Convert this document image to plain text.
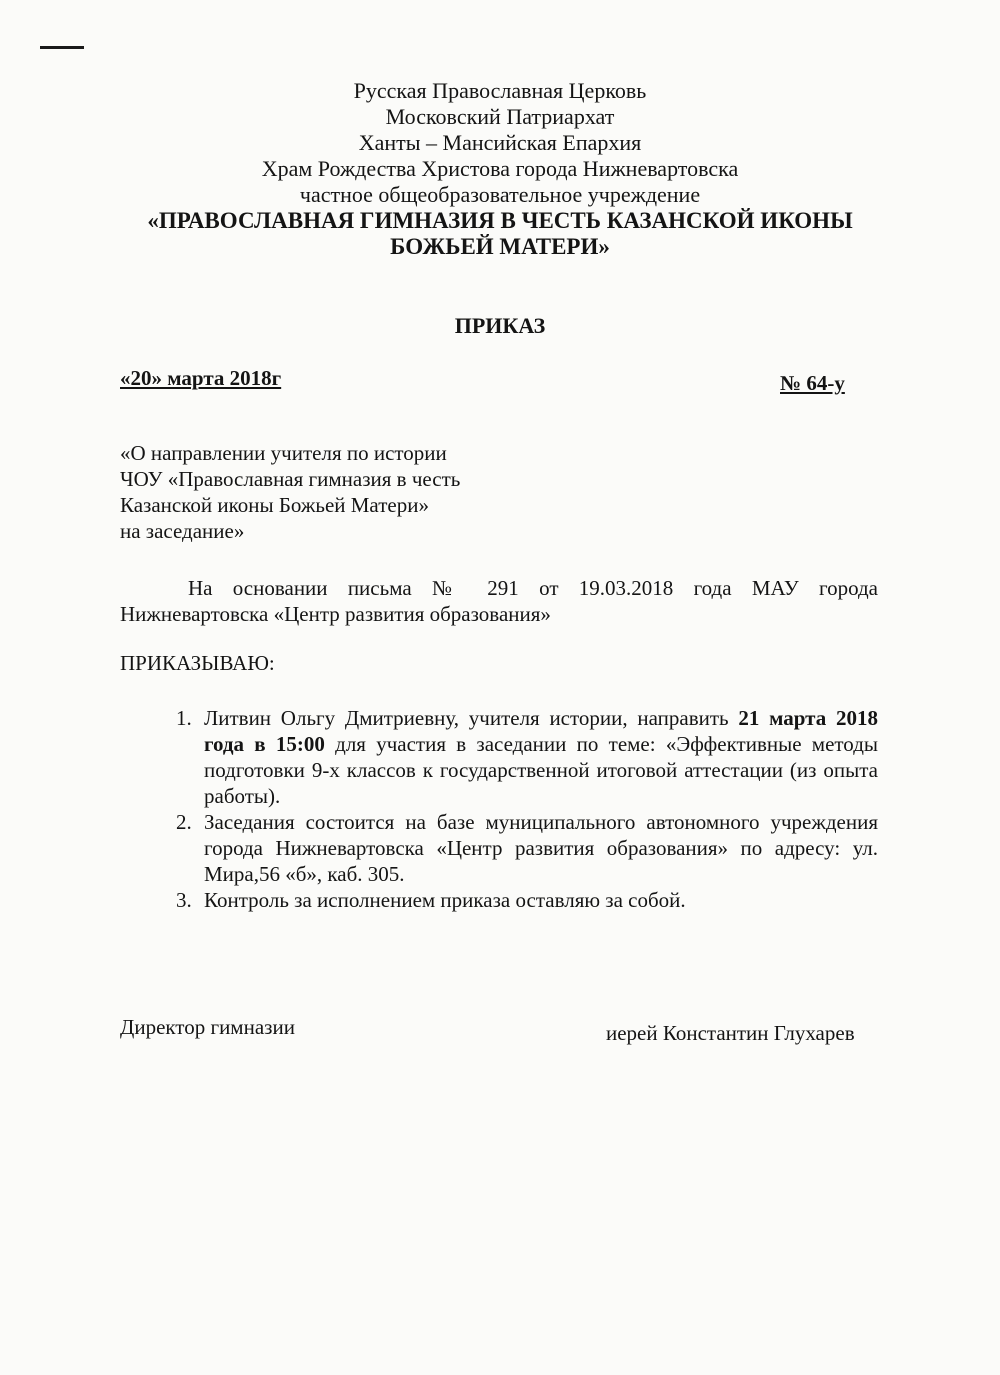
Русская Православная Церковь
Московский Патриархат
Ханты – Мансийская Епархия
Храм Рождества Христова города Нижневартовска
частное общеобразовательное учреждение
«ПРАВОСЛАВНАЯ ГИМНАЗИЯ В ЧЕСТЬ КАЗАНСКОЙ ИКОНЫ
БОЖЬЕЙ МАТЕРИ»
ПРИКАЗ
«20» марта 2018г	№ 64-у
«О направлении учителя по истории
ЧОУ «Православная гимназия в честь
Казанской иконы Божьей Матери»
на заседание»
На основании письма № 291 от 19.03.2018 года МАУ города Нижневартовска «Центр развития образования»
ПРИКАЗЫВАЮ:
1. Литвин Ольгу Дмитриевну, учителя истории, направить 21 марта 2018 года в 15:00 для участия в заседании по теме: «Эффективные методы подготовки 9-х классов к государственной итоговой аттестации (из опыта работы).
2. Заседания состоится на базе муниципального автономного учреждения города Нижневартовска «Центр развития образования» по адресу: ул. Мира,56 «б», каб. 305.
3. Контроль за исполнением приказа оставляю за собой.
Директор гимназии	иерей Константин Глухарев
